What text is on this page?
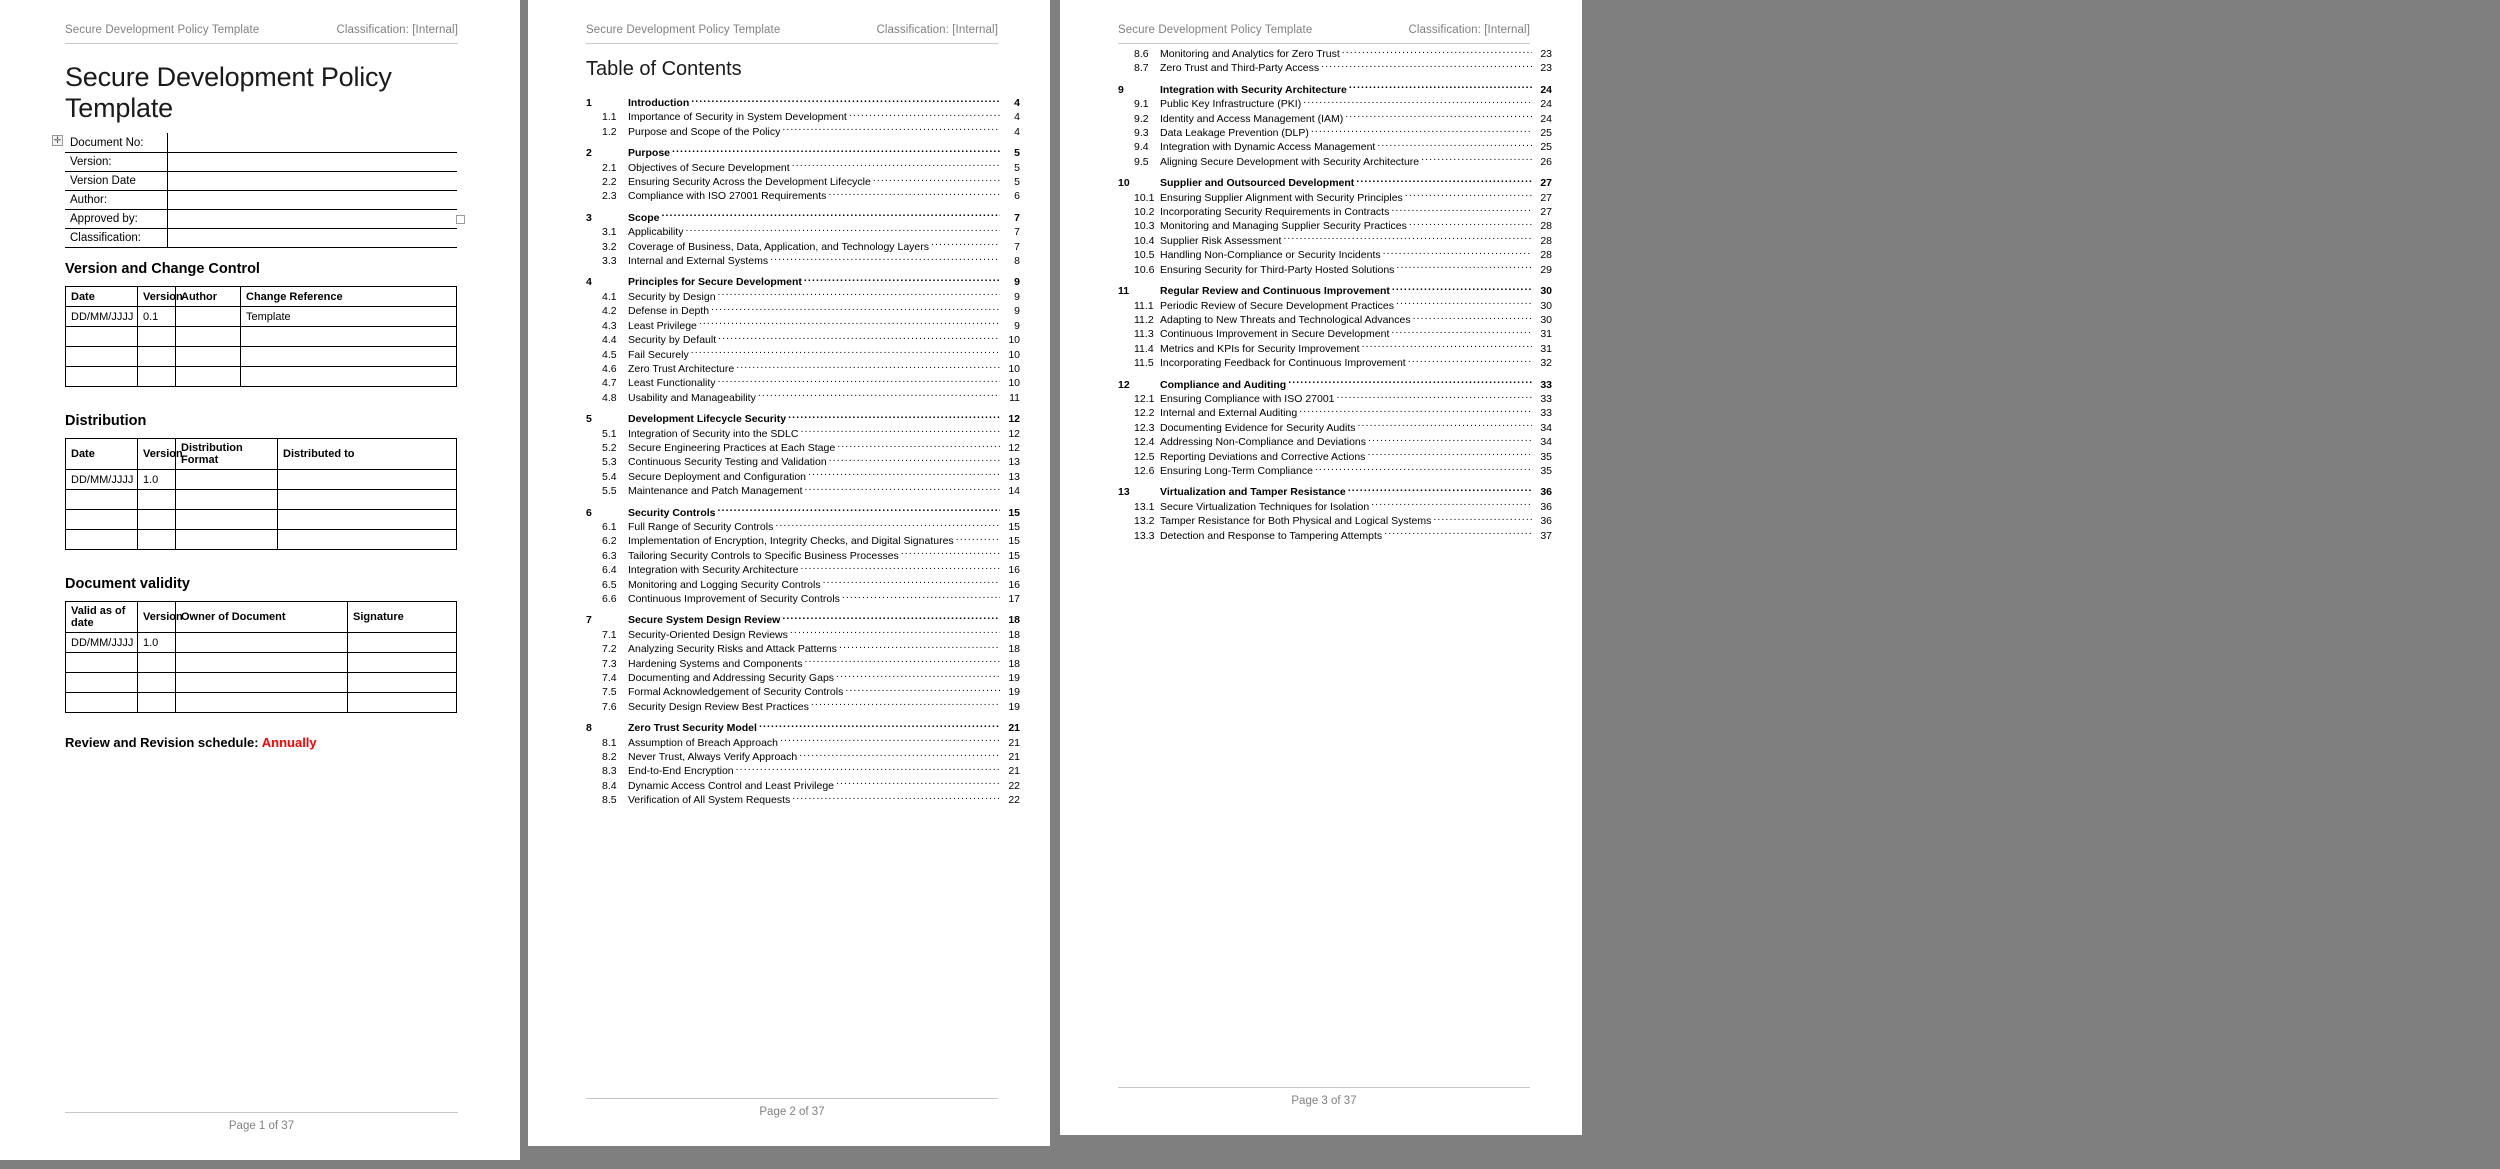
Secure Development Policy Template	Classification: [Internal]
Secure Development Policy Template
✛ Document No:	
Version:	
Version Date	
Author:	
Approved by:	
Classification:	
Version and Change Control
Date	Version	Author	Change Reference
DD/MM/JJJJ	0.1		Template

Distribution
Date	Version	Distribution Format	Distributed to
DD/MM/JJJJ	1.0		

Document validity
Valid as of date	Version	Owner of Document	Signature
DD/MM/JJJJ	1.0		

Review and Revision schedule: Annually
Page 1 of 37
Secure Development Policy Template	Classification: [Internal]
Table of Contents
1	Introduction .....	4
1.1	Importance of Security in System Development .....	4
1.2	Purpose and Scope of the Policy .....	4
2	Purpose .....	5
2.1	Objectives of Secure Development .....	5
2.2	Ensuring Security Across the Development Lifecycle .....	5
2.3	Compliance with ISO 27001 Requirements .....	6
3	Scope .....	7
3.1	Applicability .....	7
3.2	Coverage of Business, Data, Application, and Technology Layers .....	7
3.3	Internal and External Systems .....	8
4	Principles for Secure Development .....	9
4.1	Security by Design .....	9
4.2	Defense in Depth .....	9
4.3	Least Privilege .....	9
4.4	Security by Default .....	10
4.5	Fail Securely .....	10
4.6	Zero Trust Architecture .....	10
4.7	Least Functionality .....	10
4.8	Usability and Manageability .....	11
5	Development Lifecycle Security .....	12
5.1	Integration of Security into the SDLC .....	12
5.2	Secure Engineering Practices at Each Stage .....	12
5.3	Continuous Security Testing and Validation .....	13
5.4	Secure Deployment and Configuration .....	13
5.5	Maintenance and Patch Management .....	14
6	Security Controls .....	15
6.1	Full Range of Security Controls .....	15
6.2	Implementation of Encryption, Integrity Checks, and Digital Signatures .....	15
6.3	Tailoring Security Controls to Specific Business Processes .....	15
6.4	Integration with Security Architecture .....	16
6.5	Monitoring and Logging Security Controls .....	16
6.6	Continuous Improvement of Security Controls .....	17
7	Secure System Design Review .....	18
7.1	Security-Oriented Design Reviews .....	18
7.2	Analyzing Security Risks and Attack Patterns .....	18
7.3	Hardening Systems and Components .....	18
7.4	Documenting and Addressing Security Gaps .....	19
7.5	Formal Acknowledgement of Security Controls .....	19
7.6	Security Design Review Best Practices .....	19
8	Zero Trust Security Model .....	21
8.1	Assumption of Breach Approach .....	21
8.2	Never Trust, Always Verify Approach .....	21
8.3	End-to-End Encryption .....	21
8.4	Dynamic Access Control and Least Privilege .....	22
8.5	Verification of All System Requests .....	22
Page 2 of 37
Secure Development Policy Template	Classification: [Internal]
8.6	Monitoring and Analytics for Zero Trust .....	23
8.7	Zero Trust and Third-Party Access .....	23
9	Integration with Security Architecture .....	24
9.1	Public Key Infrastructure (PKI) .....	24
9.2	Identity and Access Management (IAM) .....	24
9.3	Data Leakage Prevention (DLP) .....	25
9.4	Integration with Dynamic Access Management .....	25
9.5	Aligning Secure Development with Security Architecture .....	26
10	Supplier and Outsourced Development .....	27
10.1 Ensuring Supplier Alignment with Security Principles .....	27
10.2 Incorporating Security Requirements in Contracts .....	27
10.3 Monitoring and Managing Supplier Security Practices .....	28
10.4 Supplier Risk Assessment .....	28
10.5 Handling Non-Compliance or Security Incidents .....	28
10.6 Ensuring Security for Third-Party Hosted Solutions .....	29
11	Regular Review and Continuous Improvement .....	30
11.1 Periodic Review of Secure Development Practices .....	30
11.2 Adapting to New Threats and Technological Advances .....	30
11.3 Continuous Improvement in Secure Development .....	31
11.4 Metrics and KPIs for Security Improvement .....	31
11.5 Incorporating Feedback for Continuous Improvement .....	32
12	Compliance and Auditing .....	33
12.1 Ensuring Compliance with ISO 27001 .....	33
12.2 Internal and External Auditing .....	33
12.3 Documenting Evidence for Security Audits .....	34
12.4 Addressing Non-Compliance and Deviations .....	34
12.5 Reporting Deviations and Corrective Actions .....	35
12.6 Ensuring Long-Term Compliance .....	35
13	Virtualization and Tamper Resistance .....	36
13.1 Secure Virtualization Techniques for Isolation .....	36
13.2 Tamper Resistance for Both Physical and Logical Systems .....	36
13.3 Detection and Response to Tampering Attempts .....	37
Page 3 of 37
